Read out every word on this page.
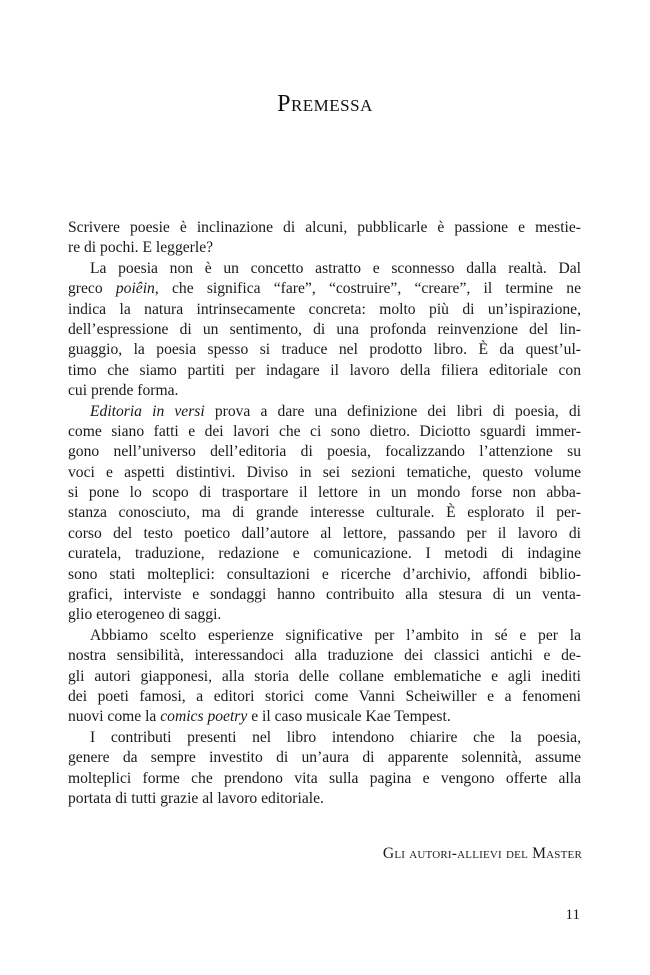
Premessa
Scrivere poesie è inclinazione di alcuni, pubblicarle è passione e mestie-
re di pochi. E leggerle?
La poesia non è un concetto astratto e sconnesso dalla realtà. Dal
greco poiêin, che significa “fare”, “costruire”, “creare”, il termine ne
indica la natura intrinsecamente concreta: molto più di un’ispirazione,
dell’espressione di un sentimento, di una profonda reinvenzione del lin-
guaggio, la poesia spesso si traduce nel prodotto libro. È da quest’ul-
timo che siamo partiti per indagare il lavoro della filiera editoriale con
cui prende forma.
Editoria in versi prova a dare una definizione dei libri di poesia, di
come siano fatti e dei lavori che ci sono dietro. Diciotto sguardi immer-
gono nell’universo dell’editoria di poesia, focalizzando l’attenzione su
voci e aspetti distintivi. Diviso in sei sezioni tematiche, questo volume
si pone lo scopo di trasportare il lettore in un mondo forse non abba-
stanza conosciuto, ma di grande interesse culturale. È esplorato il per-
corso del testo poetico dall’autore al lettore, passando per il lavoro di
curatela, traduzione, redazione e comunicazione. I metodi di indagine
sono stati molteplici: consultazioni e ricerche d’archivio, affondi biblio-
grafici, interviste e sondaggi hanno contribuito alla stesura di un venta-
glio eterogeneo di saggi.
Abbiamo scelto esperienze significative per l’ambito in sé e per la
nostra sensibilità, interessandoci alla traduzione dei classici antichi e de-
gli autori giapponesi, alla storia delle collane emblematiche e agli inediti
dei poeti famosi, a editori storici come Vanni Scheiwiller e a fenomeni
nuovi come la comics poetry e il caso musicale Kae Tempest.
I contributi presenti nel libro intendono chiarire che la poesia,
genere da sempre investito di un’aura di apparente solennità, assume
molteplici forme che prendono vita sulla pagina e vengono offerte alla
portata di tutti grazie al lavoro editoriale.
Gli autori-allievi del Master
11
